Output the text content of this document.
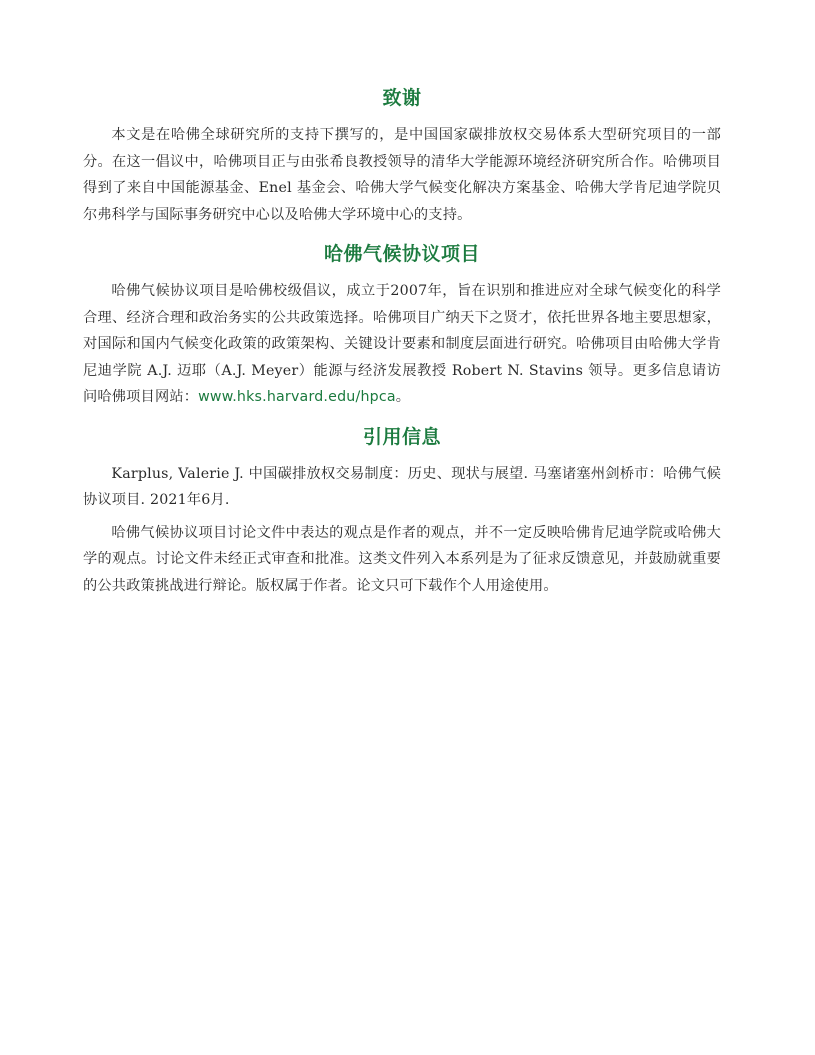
致谢

本文是在哈佛全球研究所的支持下撰写的，是中国国家碳排放权交易体系大型研究项目的一部分。在这一倡议中，哈佛项目正与由张希良教授领导的清华大学能源环境经济研究所合作。哈佛项目得到了来自中国能源基金、Enel 基金会、哈佛大学气候变化解决方案基金、哈佛大学肯尼迪学院贝尔弗科学与国际事务研究中心以及哈佛大学环境中心的支持。

哈佛气候协议项目

哈佛气候协议项目是哈佛校级倡议，成立于2007年，旨在识别和推进应对全球气候变化的科学合理、经济合理和政治务实的公共政策选择。哈佛项目广纳天下之贤才，依托世界各地主要思想家，对国际和国内气候变化政策的政策架构、关键设计要素和制度层面进行研究。哈佛项目由哈佛大学肯尼迪学院 A.J. 迈耶（A.J. Meyer）能源与经济发展教授 Robert N. Stavins 领导。更多信息请访问哈佛项目网站：www.hks.harvard.edu/hpca。

引用信息

Karplus, Valerie J. 中国碳排放权交易制度：历史、现状与展望. 马塞诸塞州剑桥市：哈佛气候协议项目. 2021年6月.

哈佛气候协议项目讨论文件中表达的观点是作者的观点，并不一定反映哈佛肯尼迪学院或哈佛大学的观点。讨论文件未经正式审查和批准。这类文件列入本系列是为了征求反馈意见，并鼓励就重要的公共政策挑战进行辩论。版权属于作者。论文只可下载作个人用途使用。
